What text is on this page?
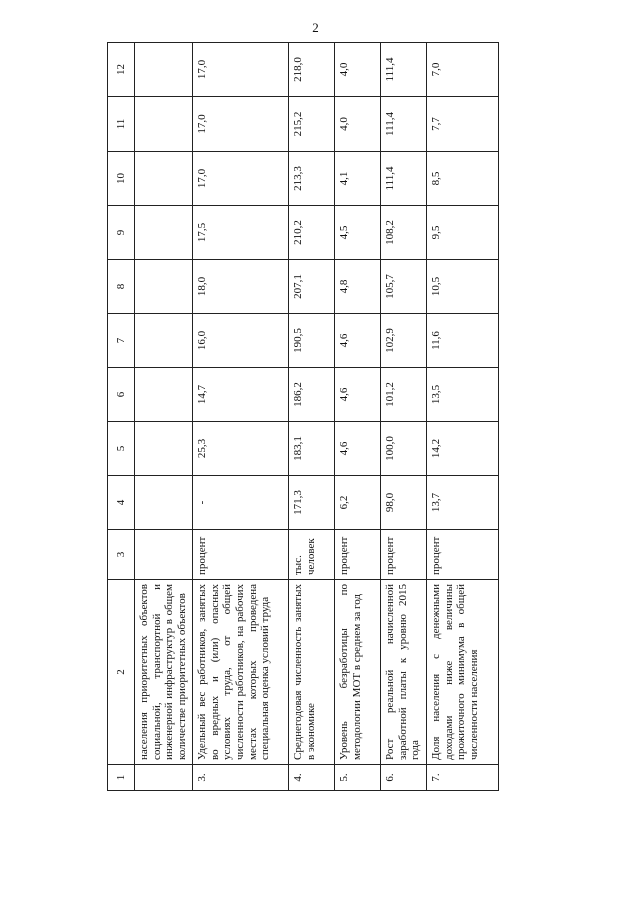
2
1	2	3	4	5	6	7	8	9	10	11	12
	населения приоритетных объектов социальной, транспортной и инженерной инфраструктур в общем количестве приоритетных объектов										
3.	Удельный вес работников, занятых во вредных и (или) опасных условиях труда, от общей численности работников, на рабочих местах которых проведена специальная оценка условий труда	процент	-	25,3	14,7	16,0	18,0	17,5	17,0	17,0	17,0
4.	Среднегодовая численность занятых в экономике	тыс. человек	171,3	183,1	186,2	190,5	207,1	210,2	213,3	215,2	218,0
5.	Уровень безработицы по методологии МОТ в среднем за год	процент	6,2	4,6	4,6	4,6	4,8	4,5	4,1	4,0	4,0
6.	Рост реальной начисленной заработной платы к уровню 2015 года	процент	98,0	100,0	101,2	102,9	105,7	108,2	111,4	111,4	111,4
7.	Доля населения с денежными доходами ниже величины прожиточного минимума в общей численности населения	процент	13,7	14,2	13,5	11,6	10,5	9,5	8,5	7,7	7,0
